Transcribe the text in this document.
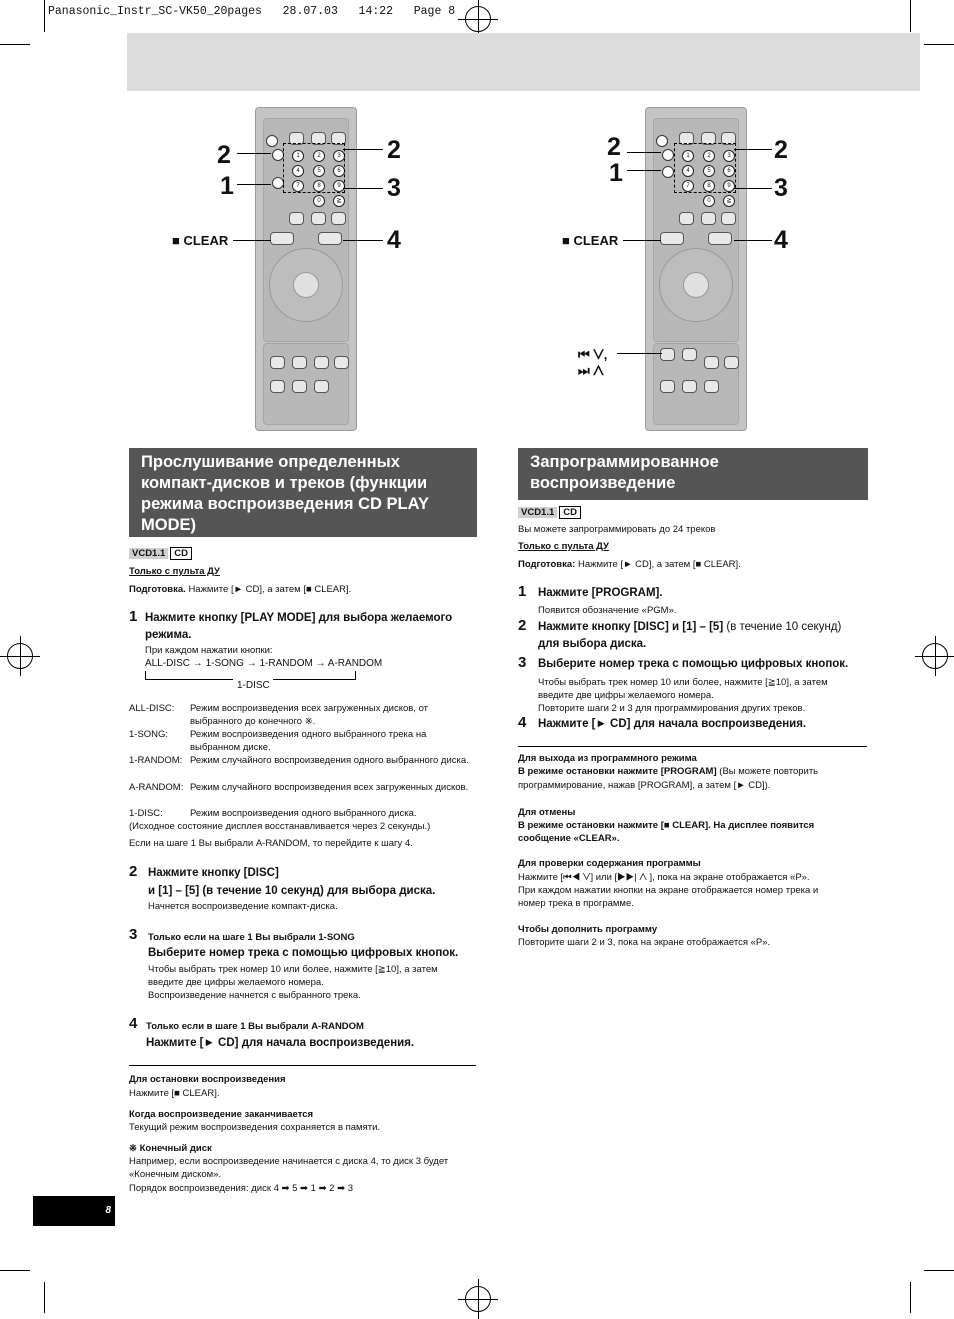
Panasonic_Instr_SC-VK50_20pages   28.07.03   14:22   Page 8
1	2	3
4	5	6
7	8	9
0	≧
2
1
2
3
4
■ CLEAR
1	2	3
4	5	6
7	8	9
0	≧
2
1
2
3
4
■ CLEAR
⏮ ⋁,
⏭ ⋀
Прослушивание определенных компакт-дисков и треков (функции режима воспроизведения CD PLAY MODE)
VCD1.1 CD
Только с пульта ДУ
Подготовка. Нажмите [► CD], а затем [■ CLEAR].
1 Нажмите кнопку [PLAY MODE] для выбора желаемого режима.
При каждом нажатии кнопки:
ALL-DISC → 1-SONG → 1-RANDOM → A-RANDOM
1-DISC
ALL-DISC: Режим воспроизведения всех загруженных дисков, от выбранного до конечного ※.
1-SONG: Режим воспроизведения одного выбранного трека на выбранном диске.
1-RANDOM: Режим случайного воспроизведения одного выбранного диска.
A-RANDOM: Режим случайного воспроизведения всех загруженных дисков.
1-DISC:	Режим воспроизведения одного выбранного диска.
(Исходное состояние дисплея восстанавливается через 2 секунды.)
Если на шаге 1 Вы выбрали A-RANDOM, то перейдите к шагу 4.
2 Нажмите кнопку [DISC]
и [1] – [5] (в течение 10 секунд) для выбора диска.
Начнется воспроизведение компакт-диска.
3 Только если на шаге 1 Вы выбрали 1-SONG
Выберите номер трека с помощью цифровых кнопок.
Чтобы выбрать трек номер 10 или более, нажмите [≧10], а затем
введите две цифры желаемого номера.
Воспроизведение начнется с выбранного трека.
4 Только если в шаге 1 Вы выбрали A-RANDOM
Нажмите [► CD] для начала воспроизведения.
Для остановки воспроизведения
Нажмите [■ CLEAR].
Когда воспроизведение заканчивается
Текущий режим воспроизведения сохраняется в памяти.
※ Конечный диск
Например, если воспроизведение начинается с диска 4, то диск 3 будет
«Конечным диском».
Порядок воспроизведения: диск 4 ➡ 5 ➡ 1 ➡ 2 ➡ 3
Запрограммированное воспроизведение
VCD1.1 CD
Вы можете запрограммировать до 24 треков
Только с пульта ДУ
Подготовка: Нажмите [► CD], а затем [■ CLEAR].
1 Нажмите [PROGRAM].
Появится обозначение «PGM».
2 Нажмите кнопку [DISC] и [1] – [5] (в течение 10 секунд)
для выбора диска.
3 Выберите номер трека с помощью цифровых кнопок.
Чтобы выбрать трек номер 10 или более, нажмите [≧10], а затем
введите две цифры желаемого номера.
Повторите шаги 2 и 3 для программирования других треков.
4 Нажмите [► CD] для начала воспроизведения.
Для выхода из программного режима
В режиме остановки нажмите [PROGRAM] (Вы можете повторить
программирование, нажав [PROGRAM], а затем [► CD]).
Для отмены
В режиме остановки нажмите [■ CLEAR]. На дисплее появится
сообщение «CLEAR».
Для проверки содержания программы
Нажмите [⏮◀ ⋁] или [▶▶| ⋀ ], пока на экране отображается «P».
При каждом нажатии кнопки на экране отображается номер трека и
номер трека в программе.
Чтобы дополнить программу
Повторите шаги 2 и 3, пока на экране отображается «P».
8
